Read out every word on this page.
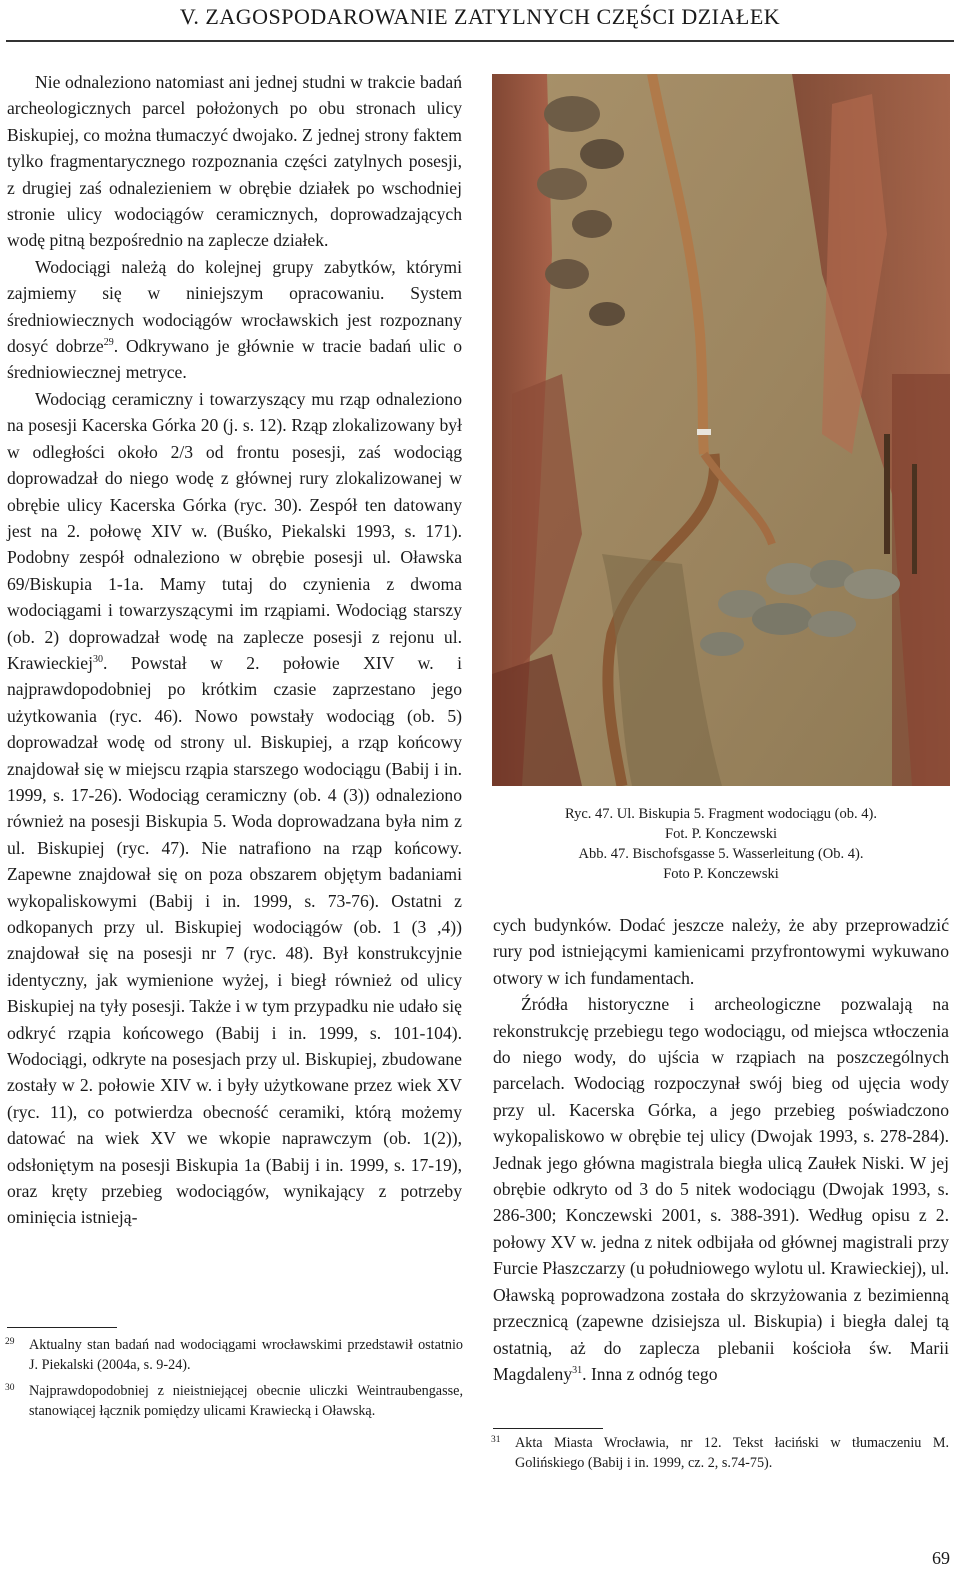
V. ZAGOSPODAROWANIE ZATYLNYCH CZĘŚCI DZIAŁEK

Nie odnaleziono natomiast ani jednej studni w trakcie badań archeologicznych parcel położonych po obu stronach ulicy Biskupiej, co można tłumaczyć dwojako. Z jednej strony faktem tylko fragmentarycznego rozpoznania części zatylnych posesji, z drugiej zaś odnalezieniem w obrębie działek po wschodniej stronie ulicy wodociągów ceramicznych, doprowadzających wodę pitną bezpośrednio na zaplecze działek.

Wodociągi należą do kolejnej grupy zabytków, którymi zajmiemy się w niniejszym opracowaniu. System średniowiecznych wodociągów wrocławskich jest rozpoznany dosyć dobrze$^{29}$. Odkrywano je głównie w tracie badań ulic o średniowiecznej metryce.

Wodociąg ceramiczny i towarzyszący mu rząp odnaleziono na posesji Kacerska Górka 20 (j. s. 12). Rząp zlokalizowany był w odległości około 2/3 od frontu posesji, zaś wodociąg doprowadzał do niego wodę z głównej rury zlokalizowanej w obrębie ulicy Kacerska Górka (ryc. 30). Zespół ten datowany jest na 2. połowę XIV w. (Buśko, Piekalski 1993, s. 171). Podobny zespół odnaleziono w obrębie posesji ul. Oławska 69/Biskupia 1-1a. Mamy tutaj do czynienia z dwoma wodociągami i towarzyszącymi im rząpiami. Wodociąg starszy (ob. 2) doprowadzał wodę na zaplecze posesji z rejonu ul. Krawieckiej$^{30}$. Powstał w 2. połowie XIV w. i najprawdopodobniej po krótkim czasie zaprzestano jego użytkowania (ryc. 46). Nowo powstały wodociąg (ob. 5) doprowadzał wodę od strony ul. Biskupiej, a rząp końcowy znajdował się w miejscu rząpia starszego wodociągu (Babij i in. 1999, s. 17-26). Wodociąg ceramiczny (ob. 4 (3)) odnaleziono również na posesji Biskupia 5. Woda doprowadzana była nim z ul. Biskupiej (ryc. 47). Nie natrafiono na rząp końcowy. Zapewne znajdował się on poza obszarem objętym badaniami wykopaliskowymi (Babij i in. 1999, s. 73-76). Ostatni z odkopanych przy ul. Biskupiej wodociągów (ob. 1 (3 ,4)) znajdował się na posesji nr 7 (ryc. 48). Był konstrukcyjnie identyczny, jak wymienione wyżej, i biegł również od ulicy Biskupiej na tyły posesji. Także i w tym przypadku nie udało się odkryć rząpia końcowego (Babij i in. 1999, s. 101-104). Wodociągi, odkryte na posesjach przy ul. Biskupiej, zbudowane zostały w 2. połowie XIV w. i były użytkowane przez wiek XV (ryc. 11), co potwierdza obecność ceramiki, którą możemy datować na wiek XV we wkopie naprawczym (ob. 1(2)), odsłoniętym na posesji Biskupia 1a (Babij i in. 1999, s. 17-19), oraz kręty przebieg wodociągów, wynikający z potrzeby ominięcia istnieją-

Ryc. 47. Ul. Biskupia 5. Fragment wodociągu (ob. 4).
Fot. P. Konczewski
Abb. 47. Bischofsgasse 5. Wasserleitung (Ob. 4).
Foto P. Konczewski

cych budynków. Dodać jeszcze należy, że aby przeprowadzić rury pod istniejącymi kamienicami przyfrontowymi wykuwano otwory w ich fundamentach.

Źródła historyczne i archeologiczne pozwalają na rekonstrukcję przebiegu tego wodociągu, od miejsca wtłoczenia do niego wody, do ujścia w rząpiach na poszczególnych parcelach. Wodociąg rozpoczynał swój bieg od ujęcia wody przy ul. Kacerska Górka, a jego przebieg poświadczono wykopaliskowo w obrębie tej ulicy (Dwojak 1993, s. 278-284). Jednak jego główna magistrala biegła ulicą Zaułek Niski. W jej obrębie odkryto od 3 do 5 nitek wodociągu (Dwojak 1993, s. 286-300; Konczewski 2001, s. 388-391). Według opisu z 2. połowy XV w. jedna z nitek odbijała od głównej magistrali przy Furcie Płaszczarzy (u południowego wylotu ul. Krawieckiej), ul. Oławską poprowadzona została do skrzyżowania z bezimienną przecznicą (zapewne dzisiejsza ul. Biskupia) i biegła dalej tą ostatnią, aż do zaplecza plebanii kościoła św. Marii Magdaleny$^{31}$. Inna z odnóg tego

29 Aktualny stan badań nad wodociągami wrocławskimi przedstawił ostatnio J. Piekalski (2004a, s. 9-24).
30 Najprawdopodobniej z nieistniejącej obecnie uliczki Weintraubengasse, stanowiącej łącznik pomiędzy ulicami Krawiecką i Oławską.
31 Akta Miasta Wrocławia, nr 12. Tekst łaciński w tłumaczeniu M. Golińskiego (Babij i in. 1999, cz. 2, s.74-75).
69
